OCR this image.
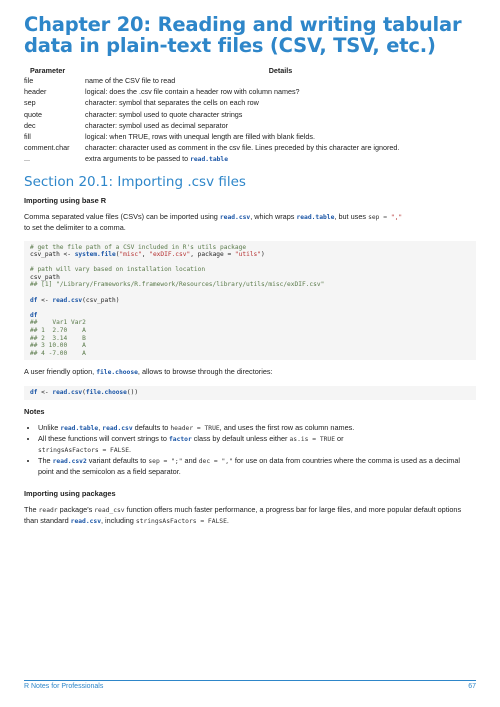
Chapter 20: Reading and writing tabular data in plain-text files (CSV, TSV, etc.)
Parameter	Details
file	name of the CSV file to read
header	logical: does the .csv file contain a header row with column names?
sep	character: symbol that separates the cells on each row
quote	character: symbol used to quote character strings
dec	character: symbol used as decimal separator
fill	logical: when TRUE, rows with unequal length are filled with blank fields.
comment.char	character: character used as comment in the csv file. Lines preceded by this character are ignored.
...	extra arguments to be passed to read.table
Section 20.1: Importing .csv files
Importing using base R

Comma separated value files (CSVs) can be imported using read.csv, which wraps read.table, but uses sep = ","
to set the delimiter to a comma.

# get the file path of a CSV included in R's utils package
csv_path <- system.file("misc", "exDIF.csv", package = "utils")
# path will vary based on installation location
csv_path
## [1] "/Library/Frameworks/R.framework/Resources/library/utils/misc/exDIF.csv"
df <- read.csv(csv_path)
df
##    Var1 Var2
## 1  2.70    A
## 2  3.14    B
## 3 10.00    A
## 4 -7.00    A

A user friendly option, file.choose, allows to browse through the directories:

df <- read.csv(file.choose())
Notes
• Unlike read.table, read.csv defaults to header = TRUE, and uses the first row as column names.
• All these functions will convert strings to factor class by default unless either as.is = TRUE or
stringsAsFactors = FALSE.
• The read.csv2 variant defaults to sep = ";" and dec = "," for use on data from countries where the comma is used as a decimal point and the semicolon as a field separator.
Importing using packages

The readr package's read_csv function offers much faster performance, a progress bar for large files, and more popular default options than standard read.csv, including stringsAsFactors = FALSE.

R Notes for Professionals	67
